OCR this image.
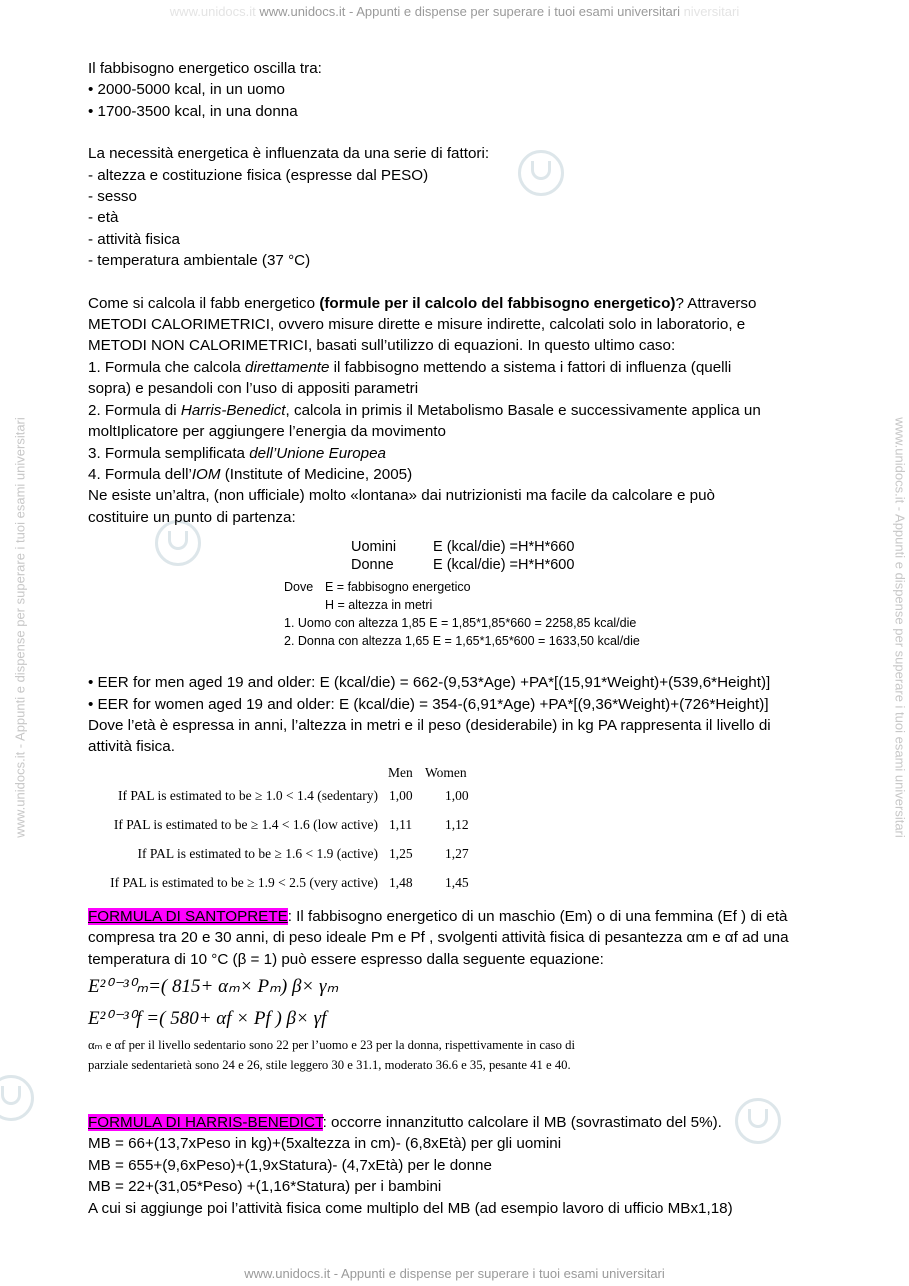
www.unidocs.it www.unidocs.it - Appunti e dispense per superare i tuoi esami universitari niversitari
www.unidocs.it - Appunti e dispense per superare i tuoi esami universitari
www.unidocs.it - Appunti e dispense per superare i tuoi esami universitari	www.unidocs.it - Appunti e dispense per superare i tuoi esami universitari
Il fabbisogno energetico oscilla tra:
• 2000-5000 kcal, in un uomo
• 1700-3500 kcal, in una donna
La necessità energetica è influenzata da una serie di fattori:
- altezza e costituzione fisica (espresse dal PESO)
- sesso
- età
- attività fisica
- temperatura ambientale (37 °C)
Come si calcola il fabb energetico (formule per il calcolo del fabbisogno energetico)? Attraverso
METODI CALORIMETRICI, ovvero misure dirette e misure indirette, calcolati solo in laboratorio, e
METODI NON CALORIMETRICI, basati sull’utilizzo di equazioni. In questo ultimo caso:
1. Formula che calcola direttamente il fabbisogno mettendo a sistema i fattori di influenza (quelli
sopra) e pesandoli con l’uso di appositi parametri
2. Formula di Harris-Benedict, calcola in primis il Metabolismo Basale e successivamente applica un
moltIplicatore per aggiungere l’energia da movimento
3. Formula semplificata dell’Unione Europea
4. Formula dell’IOM (Institute of Medicine, 2005)
Ne esiste un’altra, (non ufficiale) molto «lontana» dai nutrizionisti ma facile da calcolare e può
costituire un punto di partenza:
Uomini	E (kcal/die) =H*H*660
Donne	E (kcal/die) =H*H*600
Dove E = fabbisogno energetico
H = altezza in metri
1. Uomo con altezza 1,85 E = 1,85*1,85*660 = 2258,85 kcal/die
2. Donna con altezza 1,65 E = 1,65*1,65*600 = 1633,50 kcal/die
• EER for men aged 19 and older: E (kcal/die) = 662-(9,53*Age) +PA*[(15,91*Weight)+(539,6*Height)]
• EER for women aged 19 and older: E (kcal/die) = 354-(6,91*Age) +PA*[(9,36*Weight)+(726*Height)]
Dove l’età è espressa in anni, l’altezza in metri e il peso (desiderabile) in kg PA rappresenta il livello di
attività fisica.
Men Women
If PAL is estimated to be ≥ 1.0 < 1.4 (sedentary) 1,00 1,00
If PAL is estimated to be ≥ 1.4 < 1.6 (low active) 1,11 1,12
If PAL is estimated to be ≥ 1.6 < 1.9 (active) 1,25 1,27
If PAL is estimated to be ≥ 1.9 < 2.5 (very active) 1,48 1,45
FORMULA DI SANTOPRETE: Il fabbisogno energetico di un maschio (Em) o di una femmina (Ef ) di età
compresa tra 20 e 30 anni, di peso ideale Pm e Pf , svolgenti attività fisica di pesantezza αm e αf ad una
temperatura di 10 °C (β = 1) può essere espresso dalla seguente equazione:
E²⁰⁻³⁰ₘ=( 815+ αₘ× Pₘ) β× γₘ
E²⁰⁻³⁰f =( 580+ αf × Pf ) β× γf
αₘ e αf per il livello sedentario sono 22 per l’uomo e 23 per la donna, rispettivamente in caso di
parziale sedentarietà sono 24 e 26, stile leggero 30 e 31.1, moderato 36.6 e 35, pesante 41 e 40.
FORMULA DI HARRIS-BENEDICT: occorre innanzitutto calcolare il MB (sovrastimato del 5%).
MB = 66+(13,7xPeso in kg)+(5xaltezza in cm)- (6,8xEtà) per gli uomini
MB = 655+(9,6xPeso)+(1,9xStatura)- (4,7xEtà) per le donne
MB = 22+(31,05*Peso) +(1,16*Statura) per i bambini
A cui si aggiunge poi l’attività fisica come multiplo del MB (ad esempio lavoro di ufficio MBx1,18)
